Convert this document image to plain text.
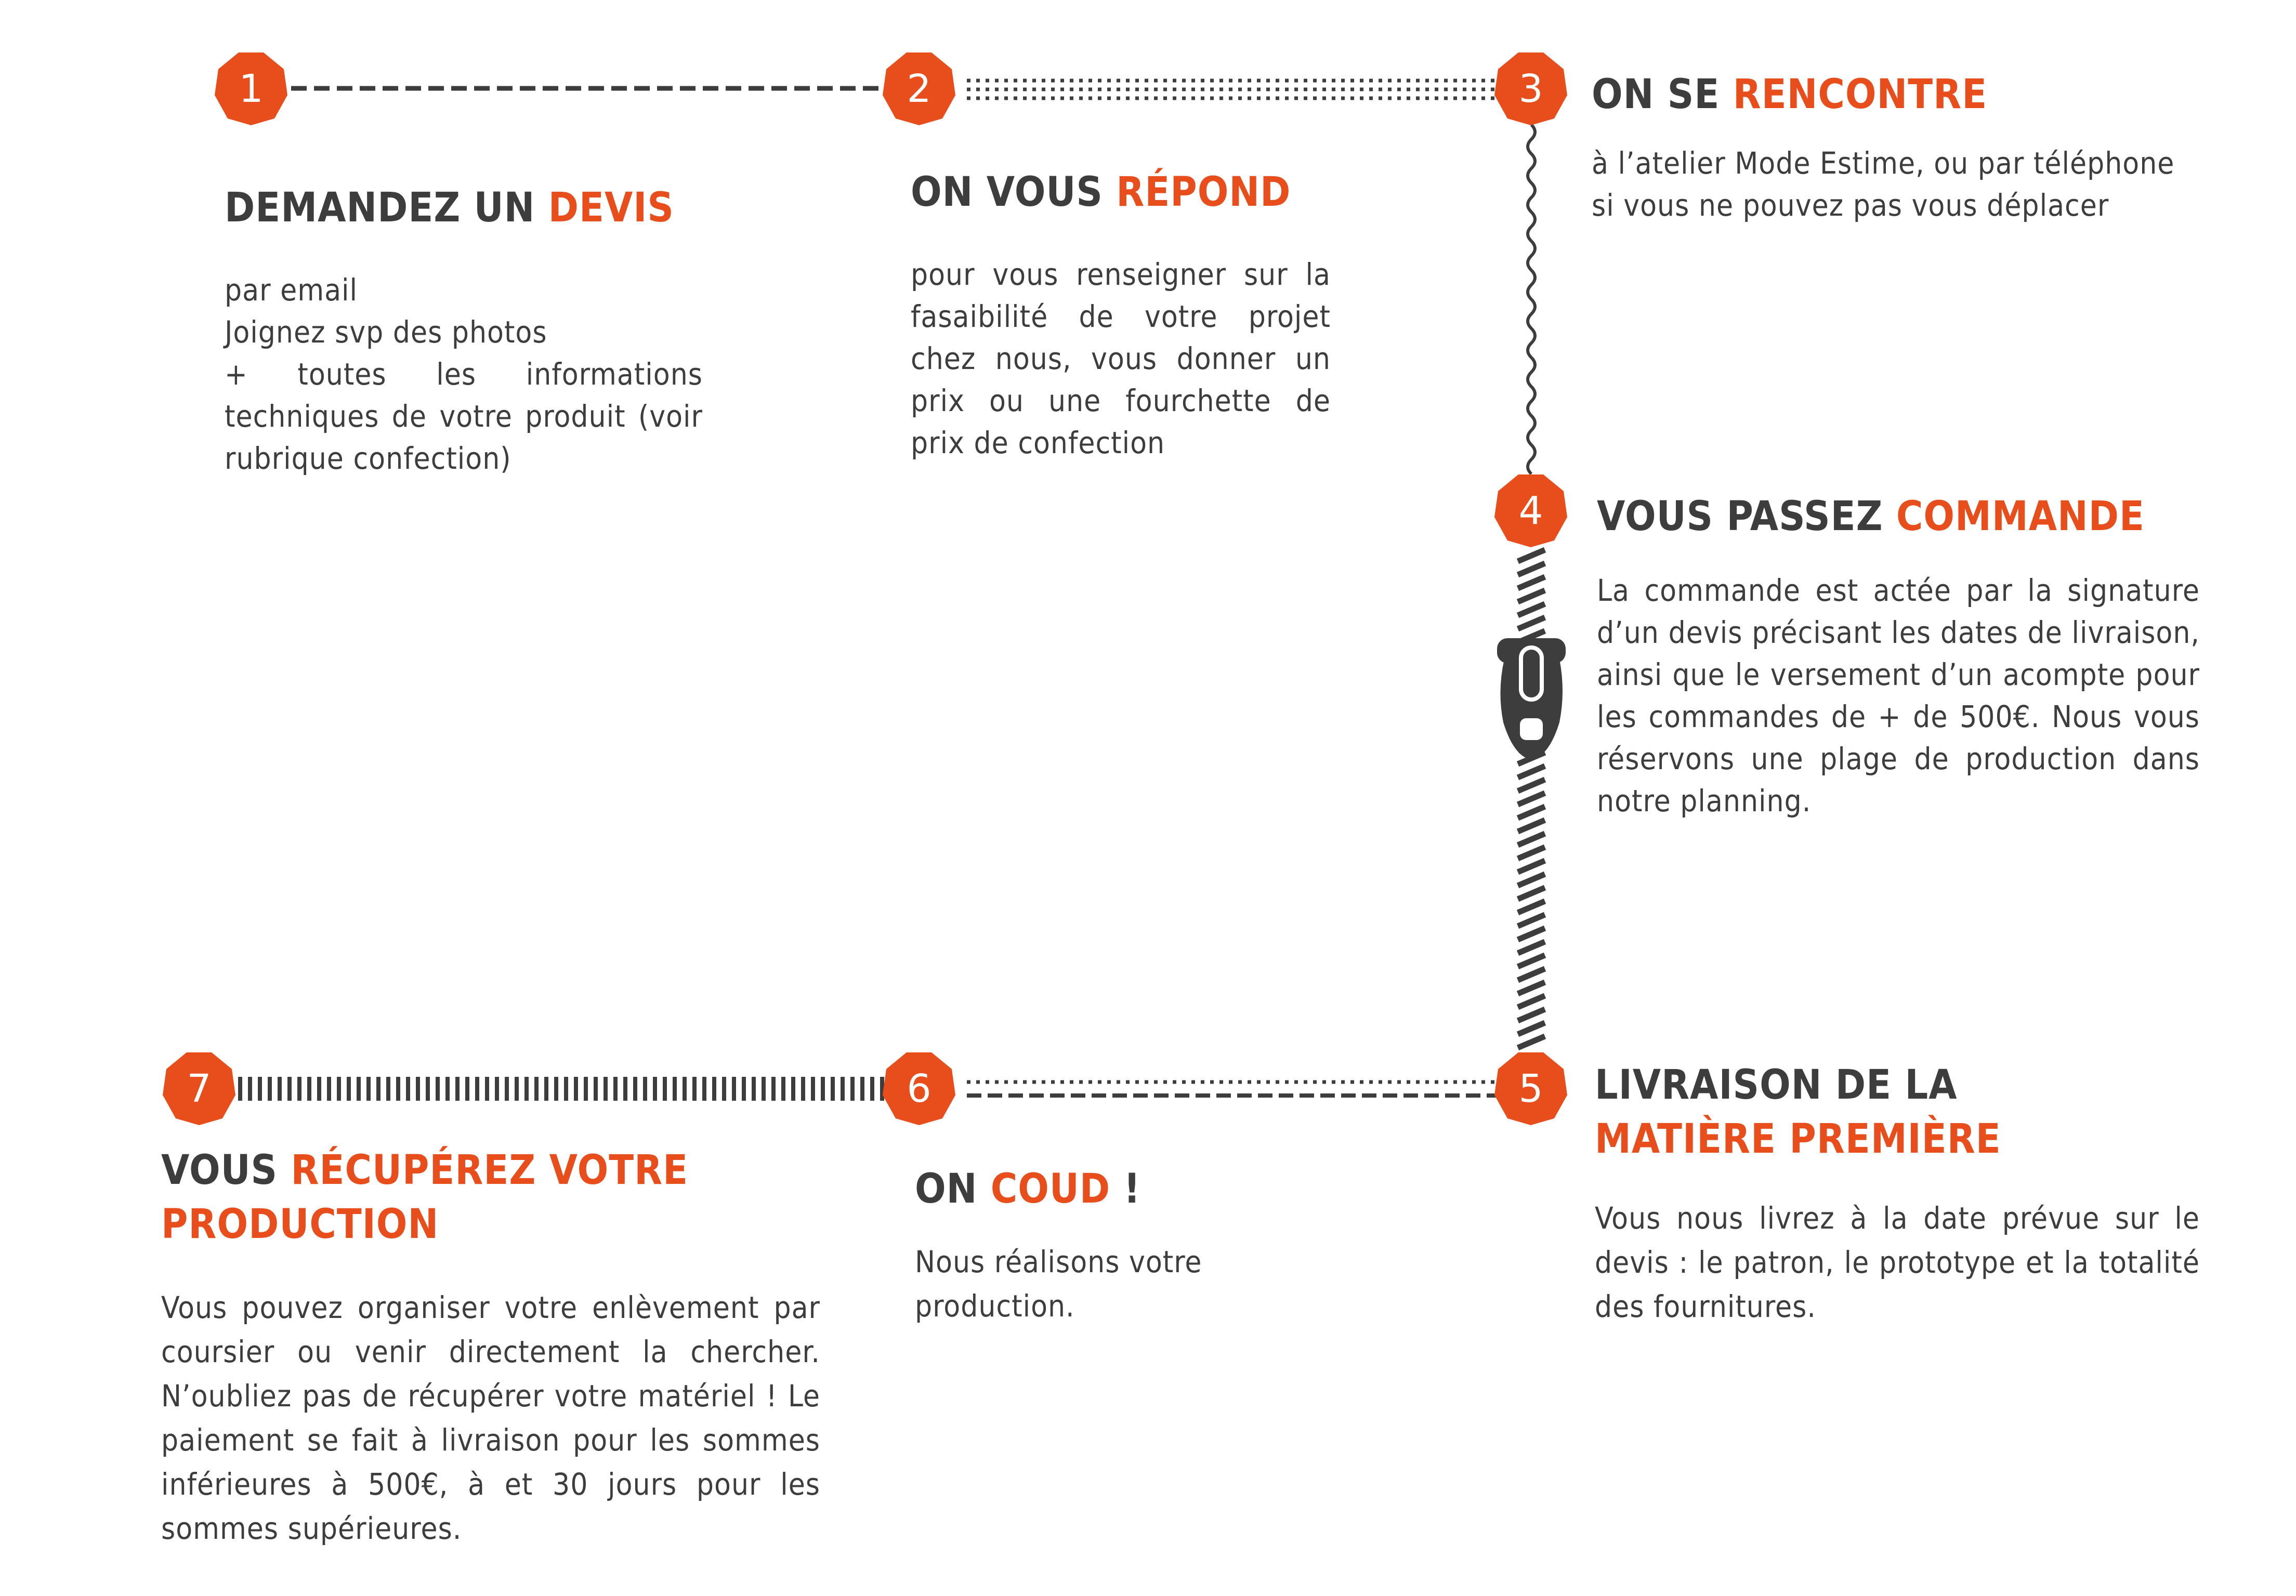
1	2	3
4
5
6
7
DEMANDEZ UN DEVIS

par email

Joignez svp des photos

+ toutes les informations techniques de votre produit (voir rubrique confection)

ON VOUS RÉPOND

pour vous renseigner sur la fasaibilité de votre projet chez nous, vous donner un prix ou une fourchette de prix de confection

ON SE RENCONTRE

à l’atelier Mode Estime, ou par téléphone

si vous ne pouvez pas vous déplacer

VOUS PASSEZ COMMANDE

La commande est actée par la signature d’un devis précisant les dates de livraison, ainsi que le versement d’un acompte pour les commandes de + de 500€. Nous vous réservons une plage de production dans notre planning.

LIVRAISON DE LA
MATIÈRE PREMIÈRE

Vous nous livrez à la date prévue sur le devis : le patron, le prototype et la totalité des fournitures.

ON COUD !

Nous réalisons votre

production.

VOUS RÉCUPÉREZ VOTRE
PRODUCTION

Vous pouvez organiser votre enlèvement par coursier ou venir directement la chercher. N’oubliez pas de récupérer votre matériel ! Le paiement se fait à livraison pour les sommes inférieures à 500€, à et 30 jours pour les sommes supérieures.
